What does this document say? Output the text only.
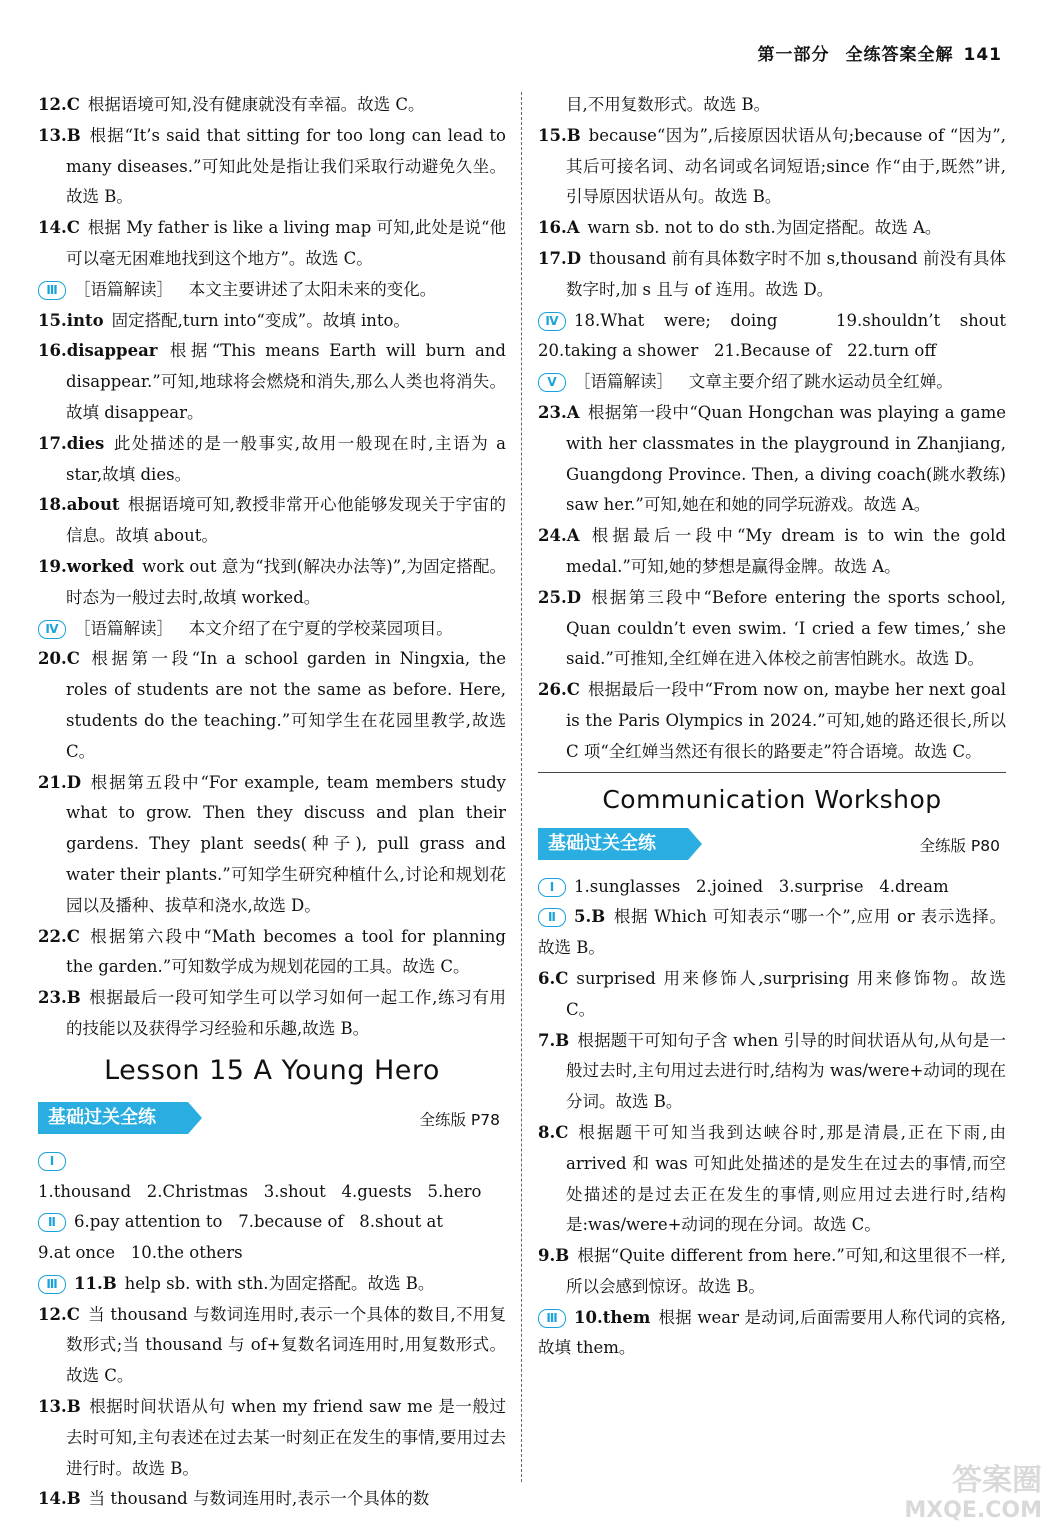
第一部分 全练答案全解 141

12.C 根据语境可知,没有健康就没有幸福。故选 C。

13.B 根据“It’s said that sitting for too long can lead to many diseases.”可知此处是指让我们采取行动避免久坐。故选 B。

14.C 根据 My father is like a living map 可知,此处是说“他可以毫无困难地找到这个地方”。故选 C。

Ⅲ ［语篇解读］ 本文主要讲述了太阳未来的变化。

15.into 固定搭配,turn into“变成”。故填 into。

16.disappear 根据“This means Earth will burn and disappear.”可知,地球将会燃烧和消失,那么人类也将消失。故填 disappear。

17.dies 此处描述的是一般事实,故用一般现在时,主语为 a star,故填 dies。

18.about 根据语境可知,教授非常开心他能够发现关于宇宙的信息。故填 about。

19.worked work out 意为“找到(解决办法等)”,为固定搭配。时态为一般过去时,故填 worked。

Ⅳ ［语篇解读］ 本文介绍了在宁夏的学校菜园项目。

20.C 根据第一段“In a school garden in Ningxia, the roles of students are not the same as before. Here, students do the teaching.”可知学生在花园里教学,故选 C。

21.D 根据第五段中“For example, team members study what to grow. Then they discuss and plan their gardens. They plant seeds(种子), pull grass and water their plants.”可知学生研究种植什么,讨论和规划花园以及播种、拔草和浇水,故选 D。

22.C 根据第六段中“Math becomes a tool for planning the garden.”可知数学成为规划花园的工具。故选 C。

23.B 根据最后一段可知学生可以学习如何一起工作,练习有用的技能以及获得学习经验和乐趣,故选 B。

Lesson 15 A Young Hero
基础过关全练	全练版 P78

Ⅰ1.thousand   2.Christmas   3.shout   4.guests   5.hero

Ⅱ 6.pay attention to   7.because of   8.shout at

9.at once   10.the others

Ⅲ 11.B help sb. with sth.为固定搭配。故选 B。

12.C 当 thousand 与数词连用时,表示一个具体的数目,不用复数形式;当 thousand 与 of+复数名词连用时,用复数形式。故选 C。

13.B 根据时间状语从句 when my friend saw me 是一般过去时可知,主句表述在过去某一时刻正在发生的事情,要用过去进行时。故选 B。

14.B 当 thousand 与数词连用时,表示一个具体的数

目,不用复数形式。故选 B。

15.B because“因为”,后接原因状语从句;because of “因为”,其后可接名词、动名词或名词短语;since 作“由于,既然”讲,引导原因状语从句。故选 B。

16.A warn sb. not to do sth.为固定搭配。故选 A。

17.D thousand 前有具体数字时不加 s,thousand 前没有具体数字时,加 s 且与 of 连用。故选 D。

Ⅳ 18.What were; doing   19.shouldn’t shout   20.taking a shower   21.Because of   22.turn off

Ⅴ ［语篇解读］ 文章主要介绍了跳水运动员全红婵。

23.A 根据第一段中“Quan Hongchan was playing a game with her classmates in the playground in Zhanjiang, Guangdong Province. Then, a diving coach(跳水教练) saw her.”可知,她在和她的同学玩游戏。故选 A。

24.A 根据最后一段中“My dream is to win the gold medal.”可知,她的梦想是赢得金牌。故选 A。

25.D 根据第三段中“Before entering the sports school, Quan couldn’t even swim. ‘I cried a few times,’ she said.”可推知,全红婵在进入体校之前害怕跳水。故选 D。

26.C 根据最后一段中“From now on, maybe her next goal is the Paris Olympics in 2024.”可知,她的路还很长,所以 C 项“全红婵当然还有很长的路要走”符合语境。故选 C。

Communication Workshop
基础过关全练	全练版 P80

Ⅰ 1.sunglasses   2.joined   3.surprise   4.dream

Ⅱ 5.B 根据 Which 可知表示“哪一个”,应用 or 表示选择。故选 B。

6.C surprised 用来修饰人,surprising 用来修饰物。故选 C。

7.B 根据题干可知句子含 when 引导的时间状语从句,从句是一般过去时,主句用过去进行时,结构为 was/were+动词的现在分词。故选 B。

8.C 根据题干可知当我到达峡谷时,那是清晨,正在下雨,由 arrived 和 was 可知此处描述的是发生在过去的事情,而空处描述的是过去正在发生的事情,则应用过去进行时,结构是:was/were+动词的现在分词。故选 C。

9.B 根据“Quite different from here.”可知,和这里很不一样,所以会感到惊讶。故选 B。

Ⅲ 10.them 根据 wear 是动词,后面需要用人称代词的宾格,故填 them。

答案圈
MXQE.COM
